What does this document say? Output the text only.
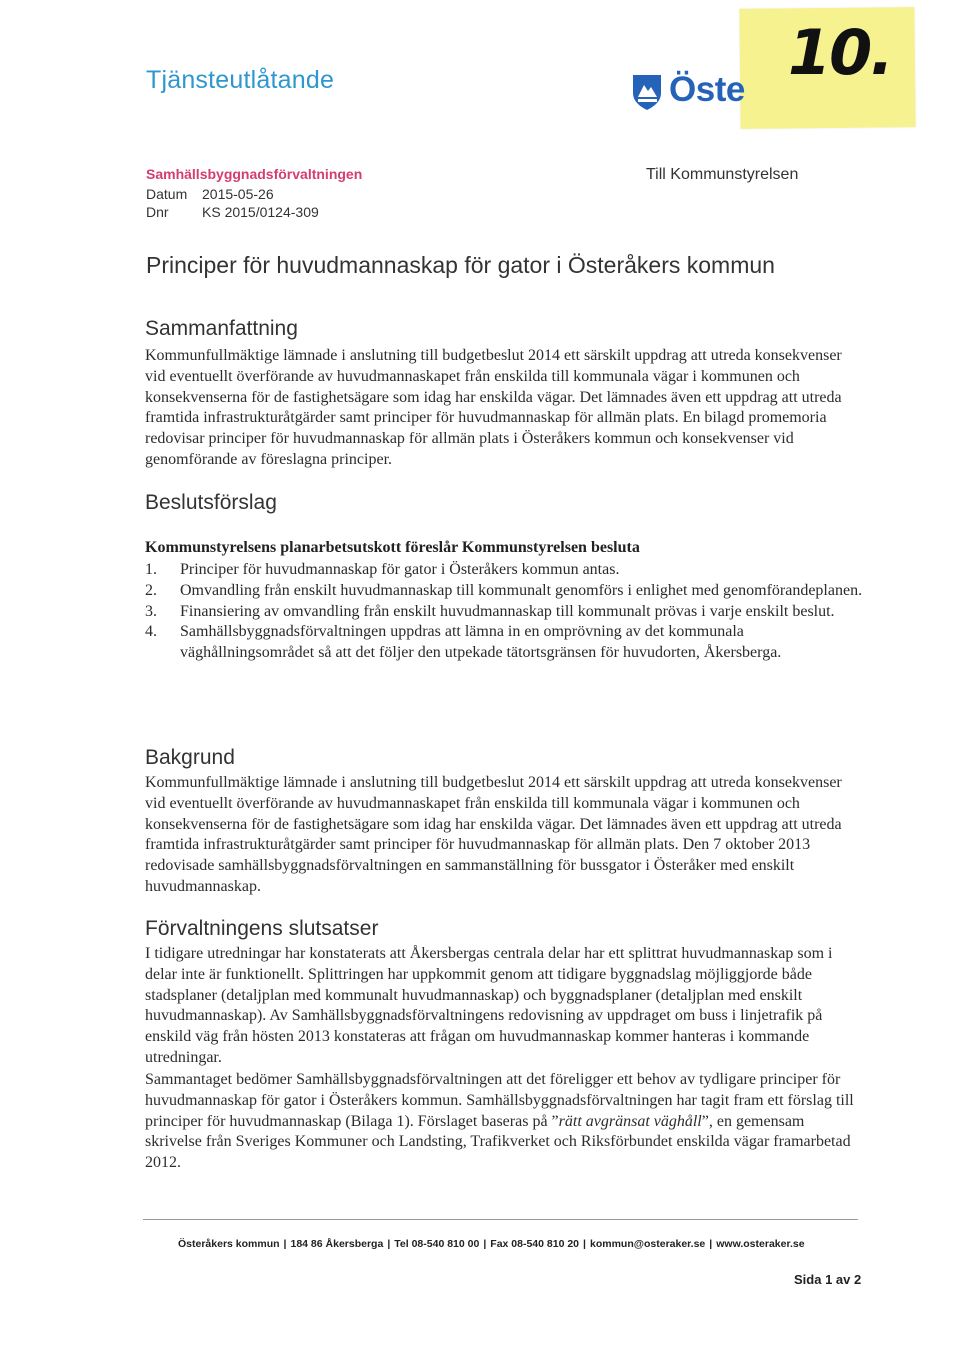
Tjänsteutlåtande	10.
Öste
Samhällsbyggnadsförvaltningen
Datum 2015-05-26
Dnr KS 2015/0124-309
Till Kommunstyrelsen
Principer för huvudmannaskap för gator i Österåkers kommun
Sammanfattning

Kommunfullmäktige lämnade i anslutning till budgetbeslut 2014 ett särskilt uppdrag att utreda konsekvenser vid eventuellt överförande av huvudmannaskapet från enskilda till kommunala vägar i kommunen och konsekvenserna för de fastighetsägare som idag har enskilda vägar. Det lämnades även ett uppdrag att utreda framtida infrastrukturåtgärder samt principer för huvudmannaskap för allmän plats. En bilagd promemoria redovisar principer för huvudmannaskap för allmän plats i Österåkers kommun och konsekvenser vid genomförande av föreslagna principer.

Beslutsförslag
Kommunstyrelsens planarbetsutskott föreslår Kommunstyrelsen besluta
1. Principer för huvudmannaskap för gator i Österåkers kommun antas.
2. Omvandling från enskilt huvudmannaskap till kommunalt genomförs i enlighet med genomförandeplanen.
3. Finansiering av omvandling från enskilt huvudmannaskap till kommunalt prövas i varje enskilt beslut.
4. Samhällsbyggnadsförvaltningen uppdras att lämna in en omprövning av det kommunala väghållningsområdet så att det följer den utpekade tätortsgränsen för huvudorten, Åkersberga.
Bakgrund

Kommunfullmäktige lämnade i anslutning till budgetbeslut 2014 ett särskilt uppdrag att utreda konsekvenser vid eventuellt överförande av huvudmannaskapet från enskilda till kommunala vägar i kommunen och konsekvenserna för de fastighetsägare som idag har enskilda vägar. Det lämnades även ett uppdrag att utreda framtida infrastrukturåtgärder samt principer för huvudmannaskap för allmän plats. Den 7 oktober 2013 redovisade samhällsbyggnadsförvaltningen en sammanställning för bussgator i Österåker med enskilt huvudmannaskap.

Förvaltningens slutsatser

I tidigare utredningar har konstaterats att Åkersbergas centrala delar har ett splittrat huvudmannaskap som i delar inte är funktionellt. Splittringen har uppkommit genom att tidigare byggnadslag möjliggjorde både stadsplaner (detaljplan med kommunalt huvudmannaskap) och byggnadsplaner (detaljplan med enskilt huvudmannaskap). Av Samhällsbyggnadsförvaltningens redovisning av uppdraget om buss i linjetrafik på enskild väg från hösten 2013 konstateras att frågan om huvudmannaskap kommer hanteras i kommande utredningar.

Sammantaget bedömer Samhällsbyggnadsförvaltningen att det föreligger ett behov av tydligare principer för huvudmannaskap för gator i Österåkers kommun. Samhällsbyggnadsförvaltningen har tagit fram ett förslag till principer för huvudmannaskap (Bilaga 1). Förslaget baseras på ”rätt avgränsat väghåll”, en gemensam skrivelse från Sveriges Kommuner och Landsting, Trafikverket och Riksförbundet enskilda vägar framarbetad 2012.

Österåkers kommun | 184 86 Åkersberga | Tel 08-540 810 00 | Fax 08-540 810 20 | kommun@osteraker.se | www.osteraker.se
Sida 1 av 2
